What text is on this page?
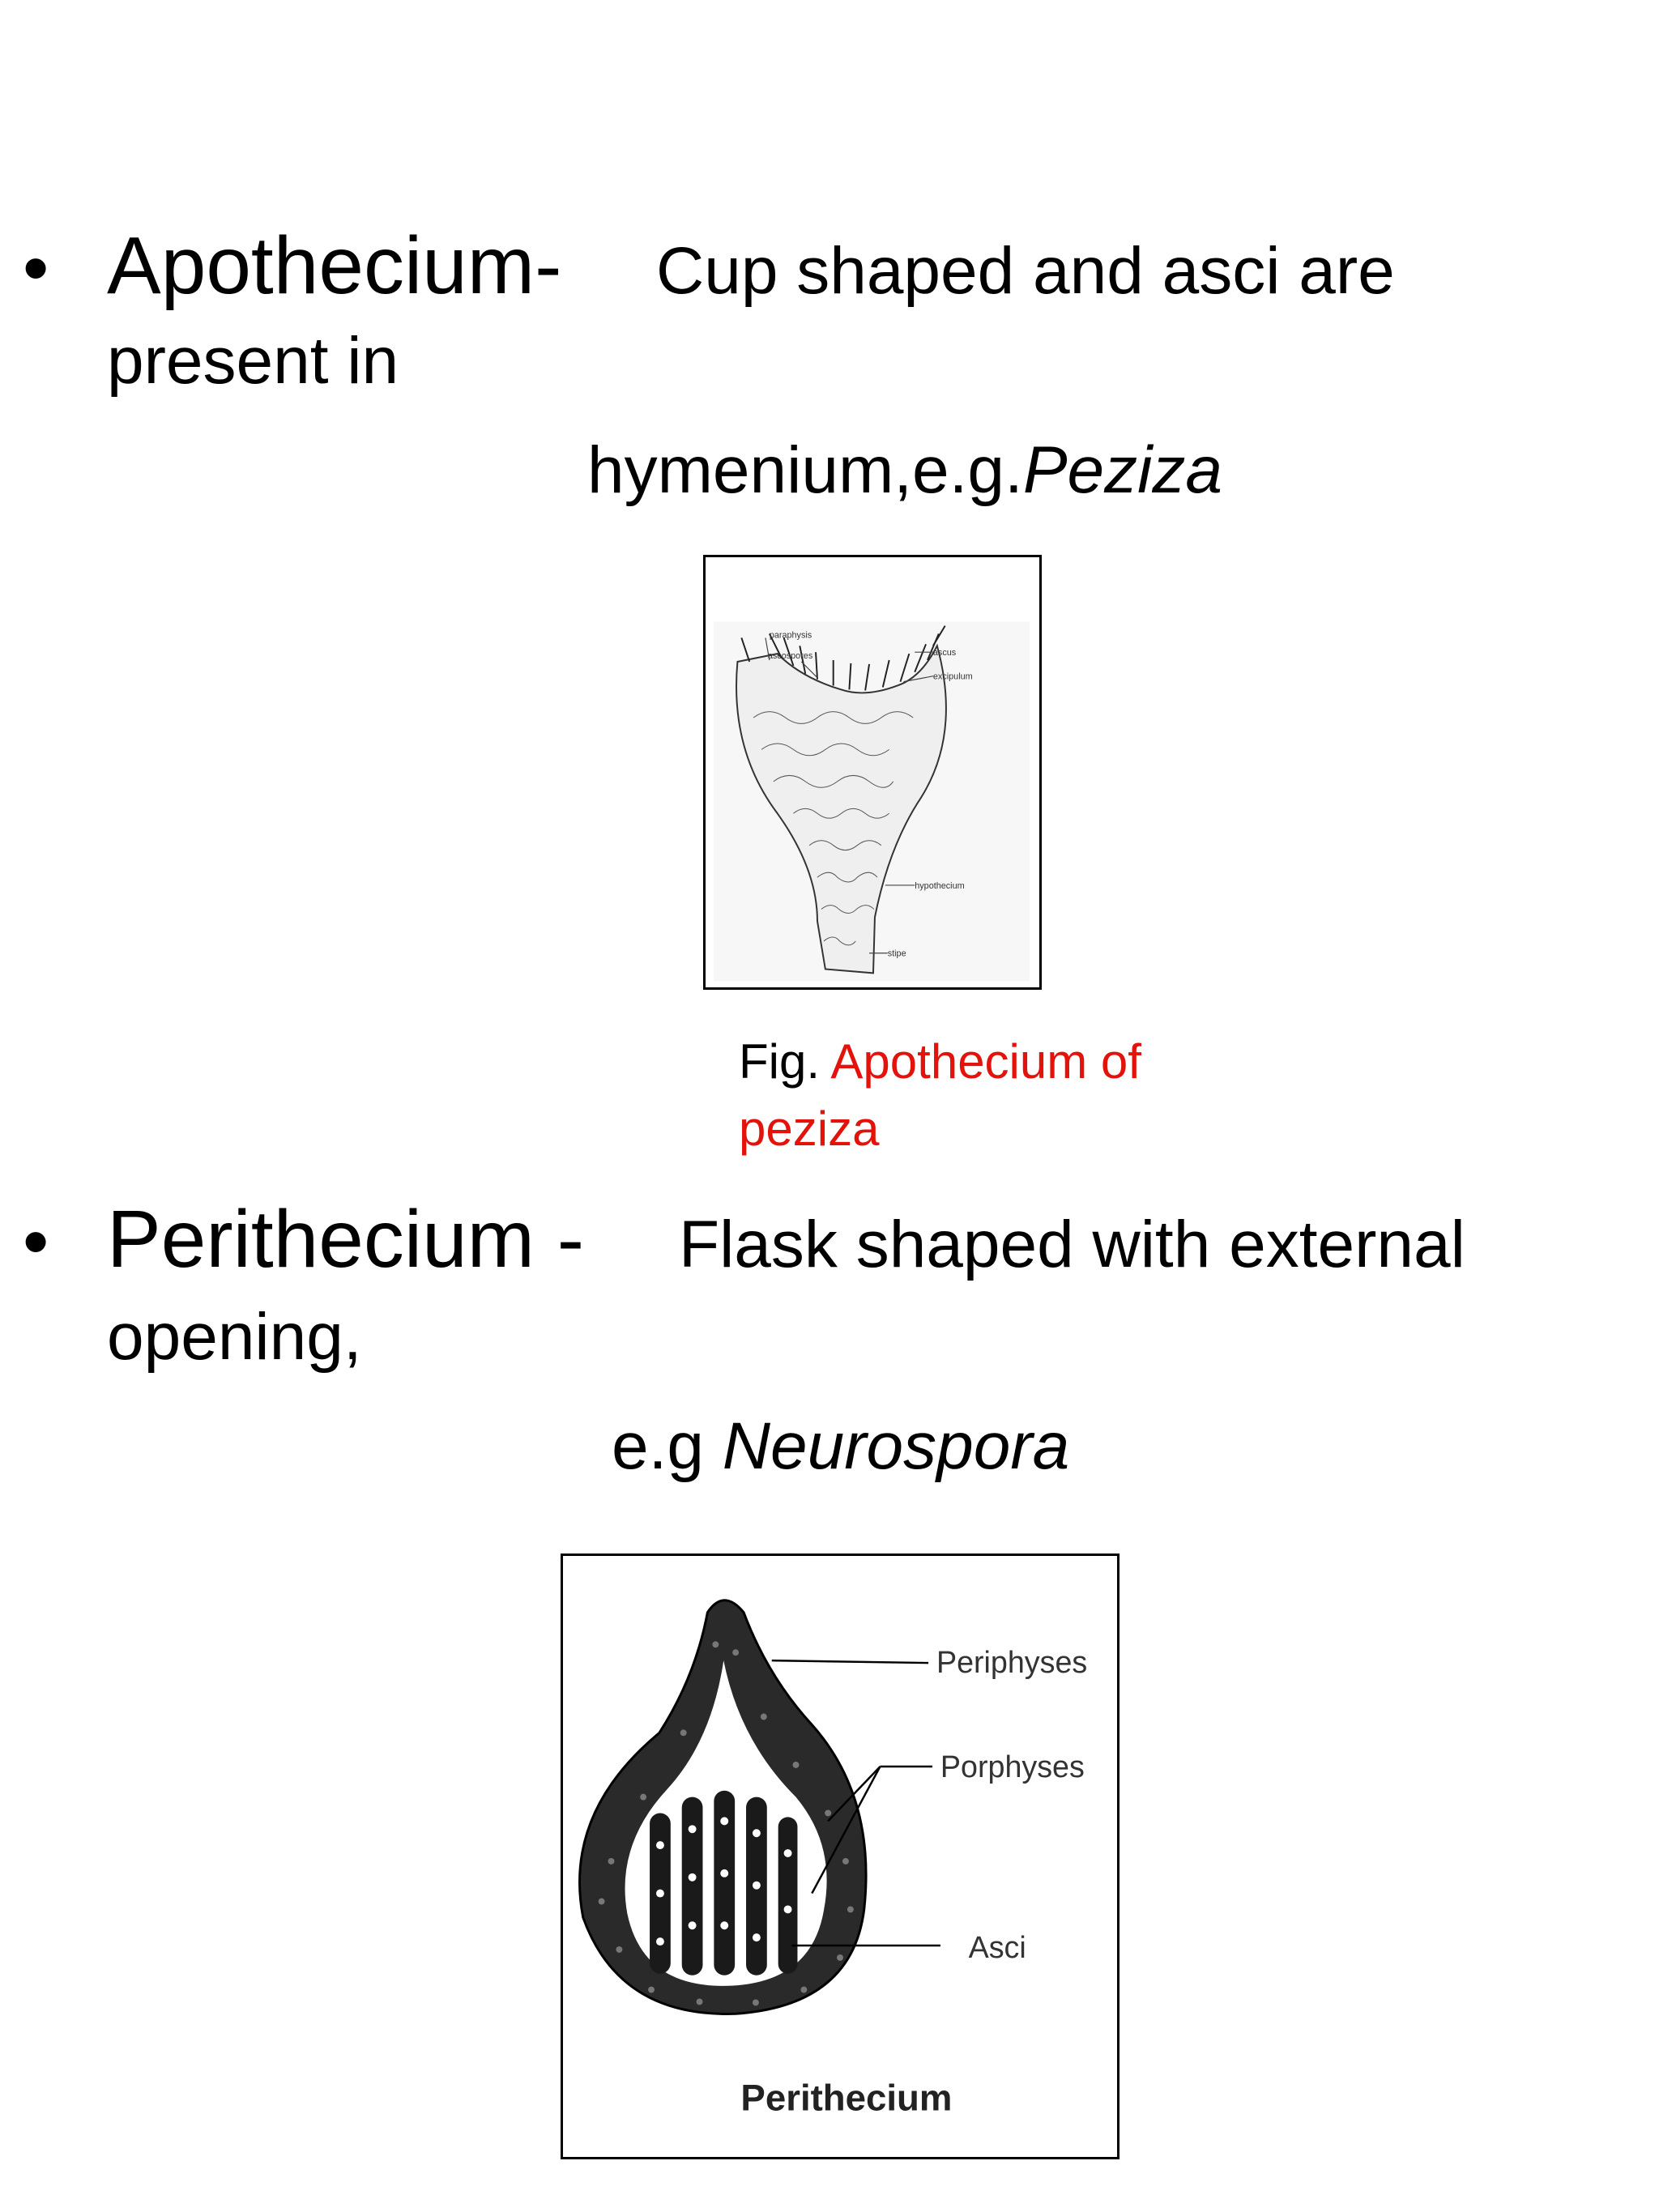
• Apothecium- Cup shaped and asci are
present in
hymenium,e.g.Peziza
paraphysis
ascospores	ascus
excipulum
hypothecium
stipe
Fig. Apothecium of
peziza
• Perithecium - Flask shaped with external
opening,
e.g Neurospora
Periphyses
Porphyses
Asci
Perithecium
